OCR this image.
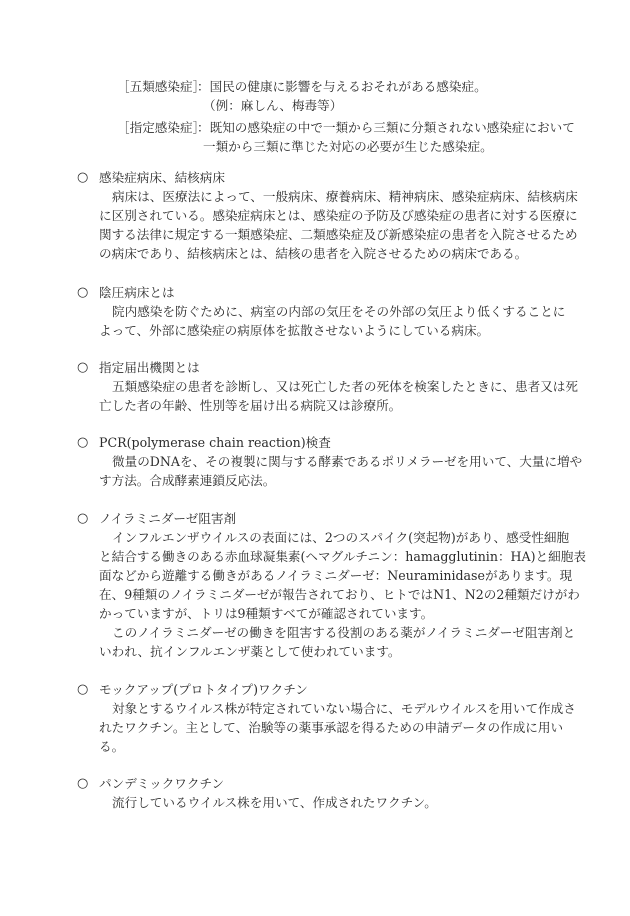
［五類感染症］
：国民の健康に影響を与えるおそれがある感染症。
（例：麻しん、梅毒等）
［指定感染症］
：既知の感染症の中で一類から三類に分類されない感染症において
一類から三類に準じた対応の必要が生じた感染症。
○ 感染症病床、結核病床
病床は、医療法によって、一般病床、療養病床、精神病床、感染症病床、結核病床
に区別されている。感染症病床とは、感染症の予防及び感染症の患者に対する医療に
関する法律に規定する一類感染症、二類感染症及び新感染症の患者を入院させるため
の病床であり、結核病床とは、結核の患者を入院させるための病床である。
○ 陰圧病床とは
院内感染を防ぐために、病室の内部の気圧をその外部の気圧より低くすることに
よって、外部に感染症の病原体を拡散させないようにしている病床。
○ 指定届出機関とは
五類感染症の患者を診断し、又は死亡した者の死体を検案したときに、患者又は死
亡した者の年齢、性別等を届け出る病院又は診療所。
○ PCR(polymerase chain reaction)検査
微量のDNAを、その複製に関与する酵素であるポリメラーゼを用いて、大量に増や
す方法。合成酵素連鎖反応法。
○ ノイラミニダーゼ阻害剤
インフルエンザウイルスの表面には、2つのスパイク(突起物)があり、感受性細胞
と結合する働きのある赤血球凝集素(ヘマグルチニン：hamagglutinin：HA)と細胞表
面などから遊離する働きがあるノイラミニダーゼ：Neuraminidaseがあります。現
在、9種類のノイラミニダーゼが報告されており、ヒトではN1、N2の2種類だけがわ
かっていますが、トリは9種類すべてが確認されています。
このノイラミニダーゼの働きを阻害する役割のある薬がノイラミニダーゼ阻害剤と
いわれ、抗インフルエンザ薬として使われています。
○ モックアップ(プロトタイプ)ワクチン
対象とするウイルス株が特定されていない場合に、モデルウイルスを用いて作成さ
れたワクチン。主として、治験等の薬事承認を得るための申請データの作成に用い
る。
○ パンデミックワクチン
流行しているウイルス株を用いて、作成されたワクチン。
